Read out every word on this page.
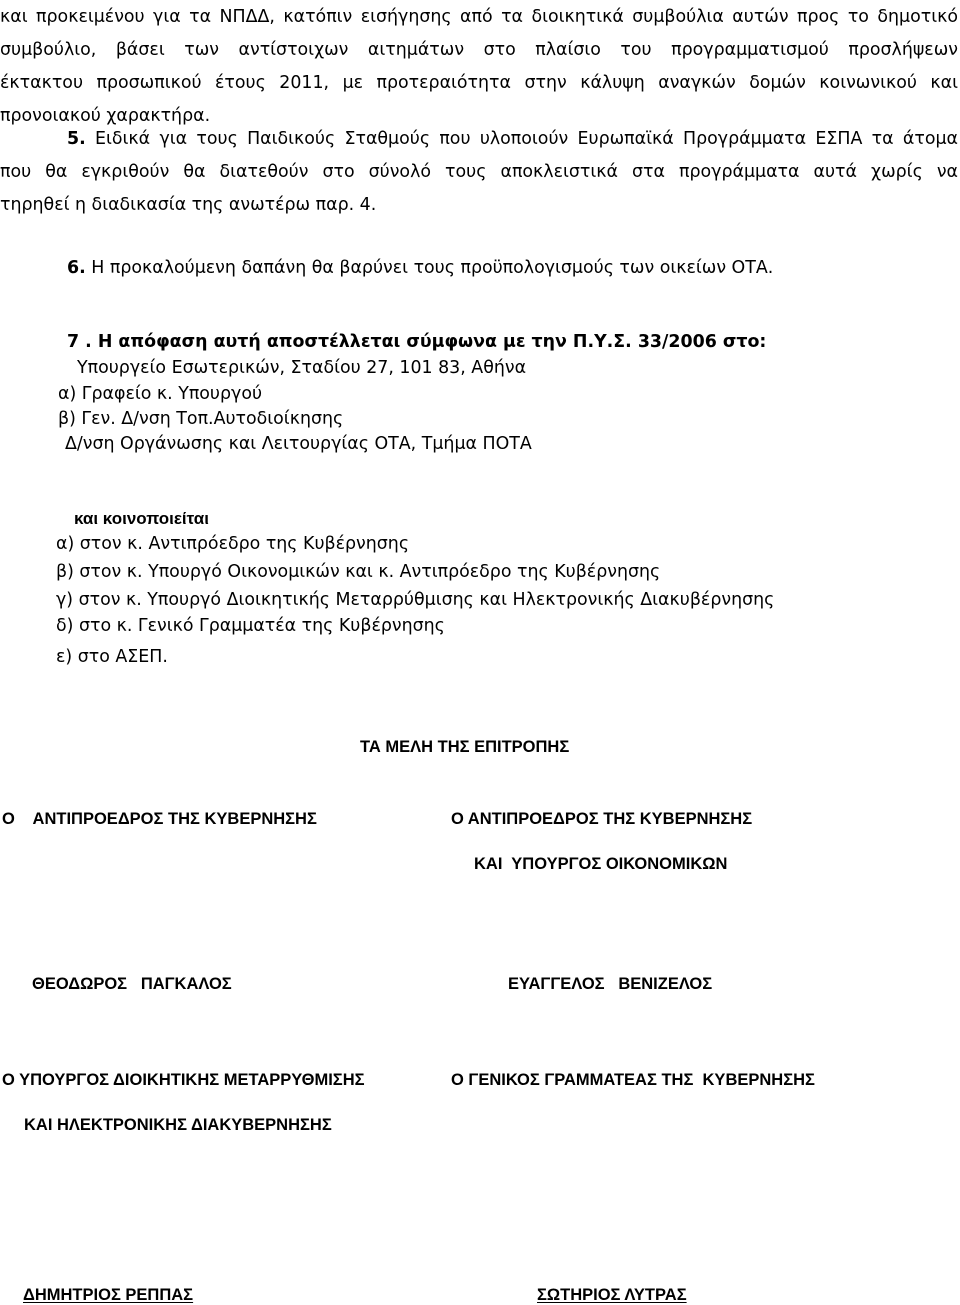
και προκειμένου για τα ΝΠΔΔ, κατόπιν εισήγησης από τα διοικητικά συμβούλια αυτών προς το δημοτικό
συμβούλιο, βάσει των αντίστοιχων αιτημάτων στο πλαίσιο του προγραμματισμού προσλήψεων
έκτακτου προσωπικού έτους 2011, με προτεραιότητα στην κάλυψη αναγκών δομών κοινωνικού και
προνοιακού χαρακτήρα.
5. Ειδικά για τους Παιδικούς Σταθμούς που υλοποιούν Ευρωπαϊκά Προγράμματα ΕΣΠΑ τα άτομα
που θα εγκριθούν θα διατεθούν στο σύνολό τους αποκλειστικά στα προγράμματα αυτά χωρίς να
τηρηθεί η διαδικασία της ανωτέρω παρ. 4.
6. Η προκαλούμενη δαπάνη θα βαρύνει τους προϋπολογισμούς των οικείων ΟΤΑ.
7 . Η απόφαση αυτή αποστέλλεται σύμφωνα με την Π.Υ.Σ. 33/2006 στο:
Υπουργείο Εσωτερικών, Σταδίου 27, 101 83, Αθήνα
α) Γραφείο κ. Υπουργού
β) Γεν. Δ/νση Τοπ.Αυτοδιοίκησης
Δ/νση Οργάνωσης και Λειτουργίας ΟΤΑ, Τμήμα ΠΟΤΑ
και κοινοποιείται
α) στον κ. Αντιπρόεδρο της Κυβέρνησης
β) στον κ. Υπουργό Οικονομικών και κ. Αντιπρόεδρο της Κυβέρνησης
γ) στον κ. Υπουργό Διοικητικής Μεταρρύθμισης και Ηλεκτρονικής Διακυβέρνησης
δ) στο κ. Γενικό Γραμματέα της Κυβέρνησης
ε) στο ΑΣΕΠ.
ΤΑ ΜΕΛΗ ΤΗΣ ΕΠΙΤΡΟΠΗΣ
Ο    ΑΝΤΙΠΡΟΕΔΡΟΣ ΤΗΣ ΚΥΒΕΡΝΗΣΗΣ	Ο ΑΝΤΙΠΡΟΕΔΡΟΣ ΤΗΣ ΚΥΒΕΡΝΗΣΗΣ
ΚΑΙ  ΥΠΟΥΡΓΟΣ ΟΙΚΟΝΟΜΙΚΩΝ
ΘΕΟΔΩΡΟΣ   ΠΑΓΚΑΛΟΣ	ΕΥΑΓΓΕΛΟΣ   ΒΕΝΙΖΕΛΟΣ
Ο ΥΠΟΥΡΓΟΣ ΔΙΟΙΚΗΤΙΚΗΣ ΜΕΤΑΡΡΥΘΜΙΣΗΣ	Ο ΓΕΝΙΚΟΣ ΓΡΑΜΜΑΤΕΑΣ ΤΗΣ  ΚΥΒΕΡΝΗΣΗΣ
ΚΑΙ ΗΛΕΚΤΡΟΝΙΚΗΣ ΔΙΑΚΥΒΕΡΝΗΣΗΣ
ΔΗΜΗΤΡΙΟΣ ΡΕΠΠΑΣ	ΣΩΤΗΡΙΟΣ ΛΥΤΡΑΣ
